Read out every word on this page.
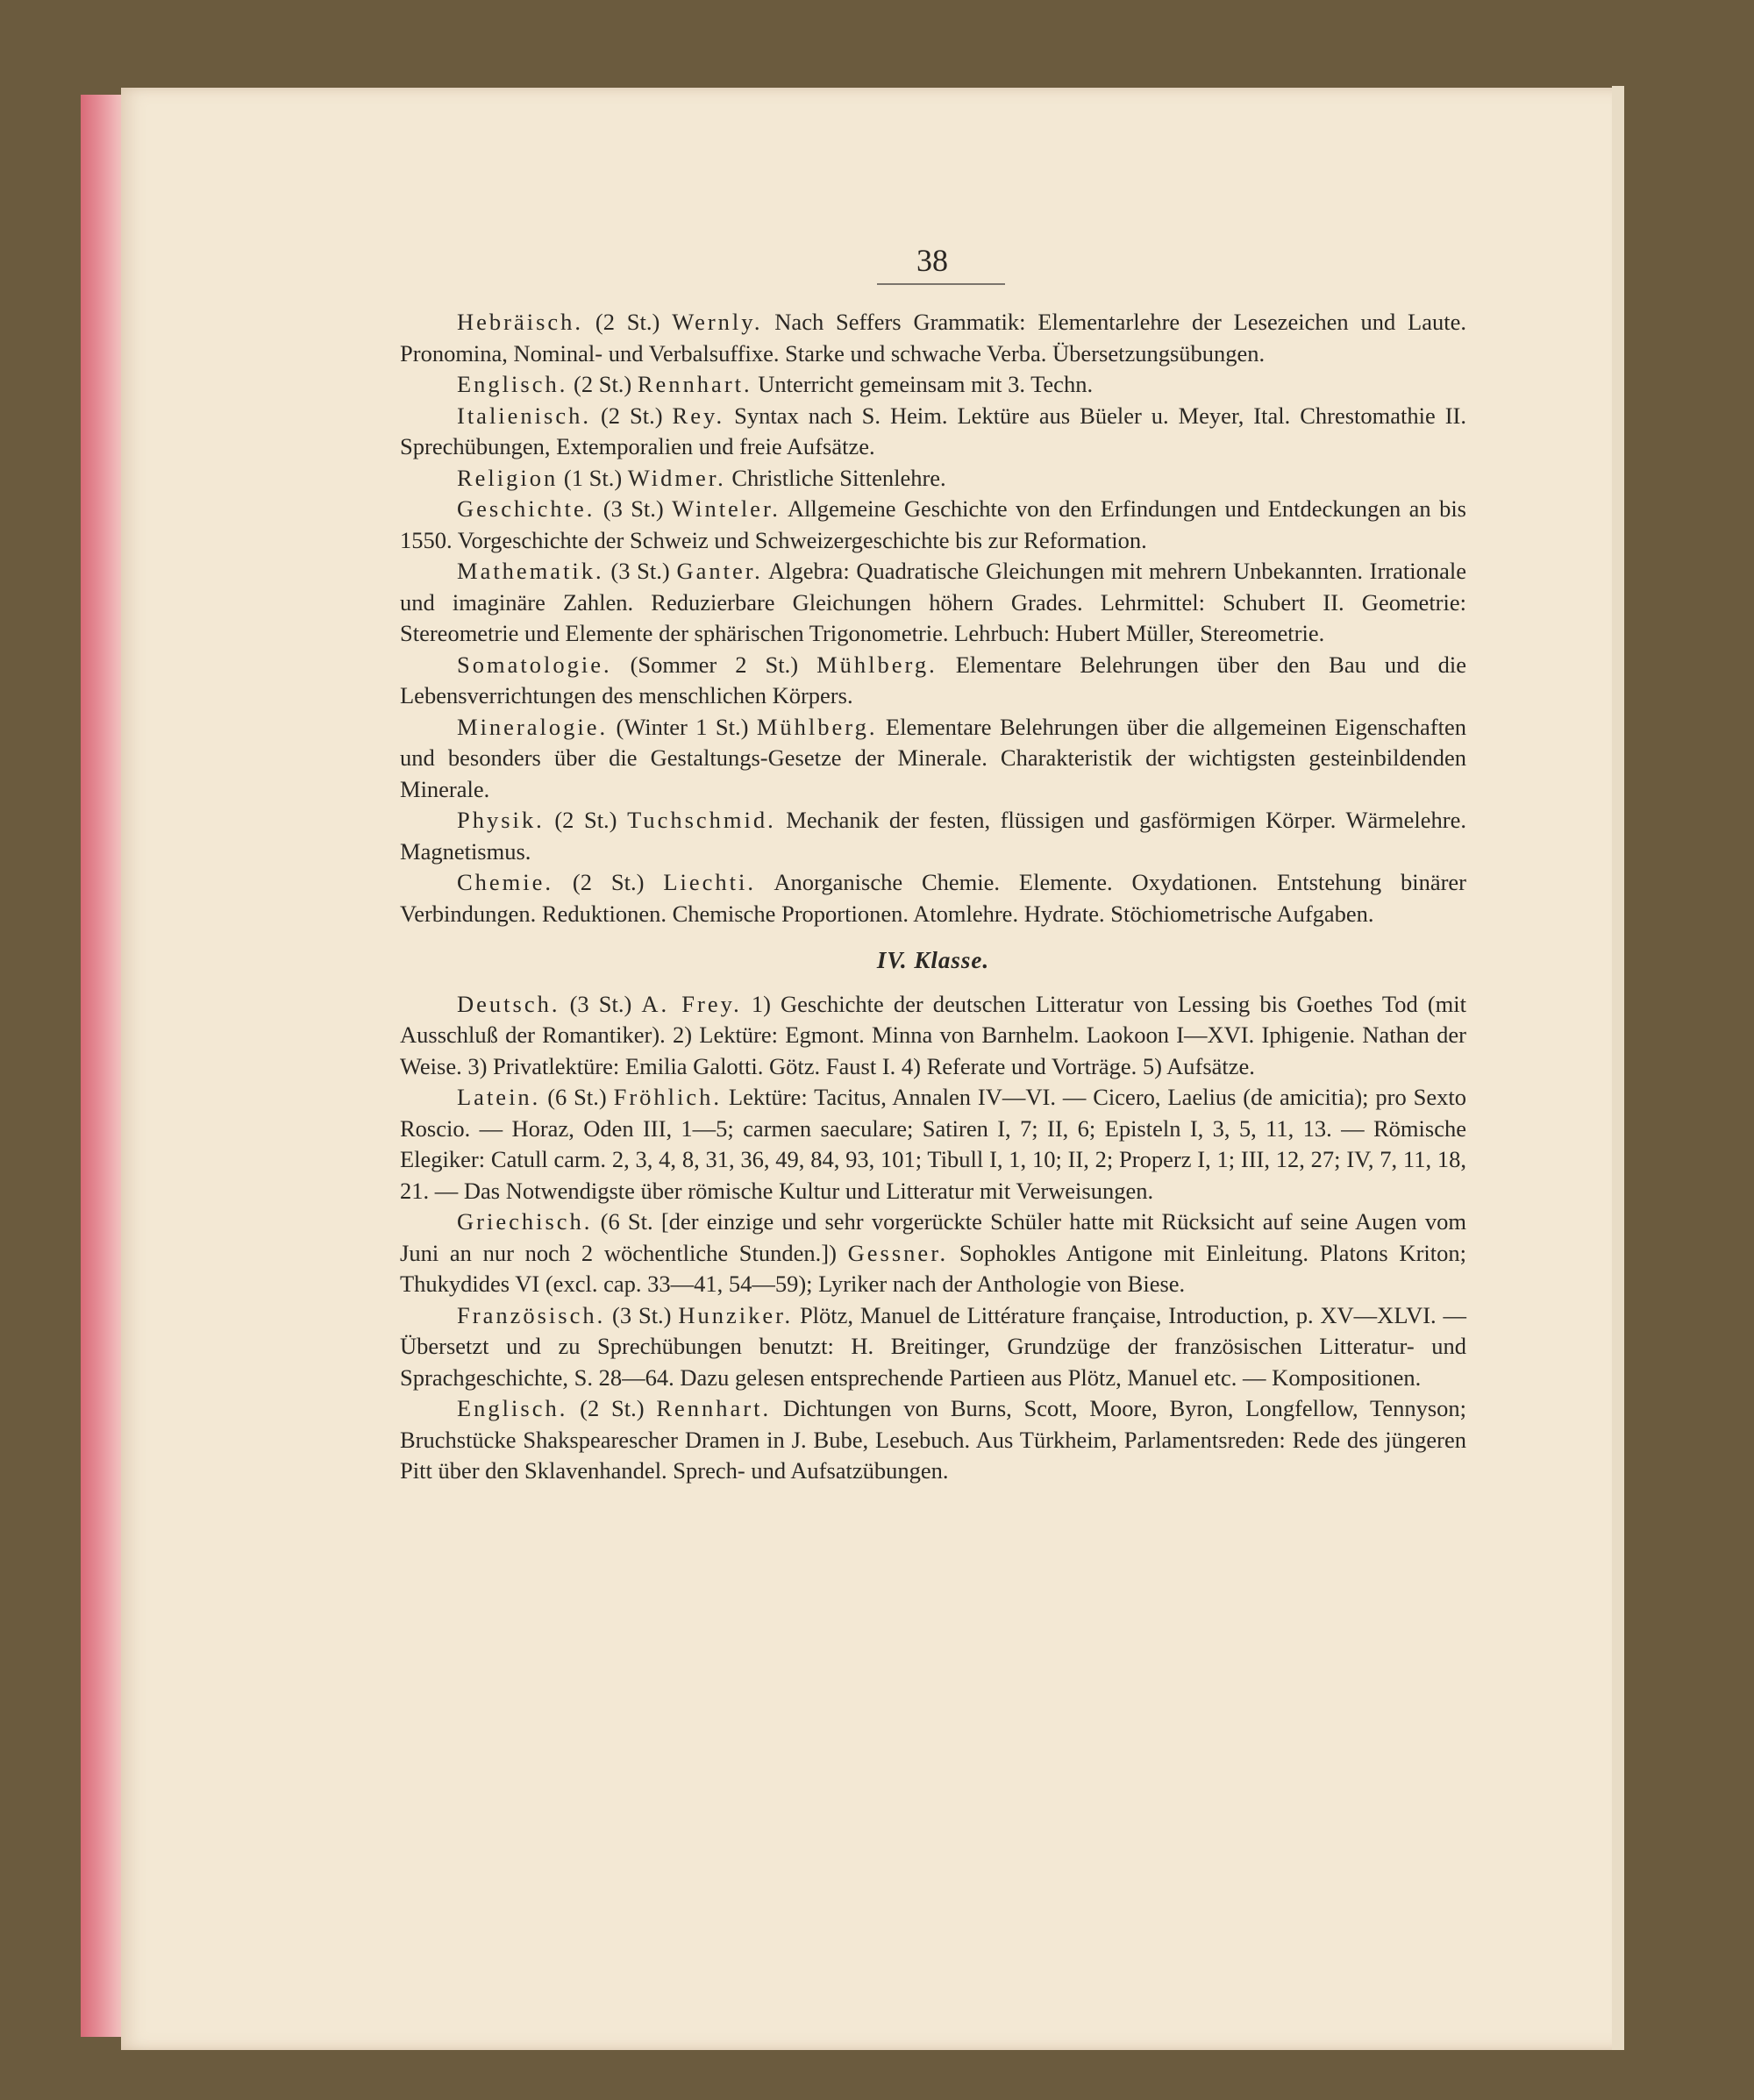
38

Hebräisch. (2 St.) Wernly. Nach Seffers Grammatik: Elementarlehre der Lesezeichen und Laute. Pronomina, Nominal- und Verbalsuffixe. Starke und schwache Verba. Übersetzungsübungen.

Englisch. (2 St.) Rennhart. Unterricht gemeinsam mit 3. Techn.

Italienisch. (2 St.) Rey. Syntax nach S. Heim. Lektüre aus Büeler u. Meyer, Ital. Chrestomathie II. Sprechübungen, Extemporalien und freie Aufsätze.

Religion (1 St.) Widmer. Christliche Sittenlehre.

Geschichte. (3 St.) Winteler. Allgemeine Geschichte von den Erfindungen und Entdeckungen an bis 1550. Vorgeschichte der Schweiz und Schweizergeschichte bis zur Reformation.

Mathematik. (3 St.) Ganter. Algebra: Quadratische Gleichungen mit mehrern Unbekannten. Irrationale und imaginäre Zahlen. Reduzierbare Gleichungen höhern Grades. Lehrmittel: Schubert II. Geometrie: Stereometrie und Elemente der sphärischen Trigonometrie. Lehrbuch: Hubert Müller, Stereometrie.

Somatologie. (Sommer 2 St.) Mühlberg. Elementare Belehrungen über den Bau und die Lebensverrichtungen des menschlichen Körpers.

Mineralogie. (Winter 1 St.) Mühlberg. Elementare Belehrungen über die allgemeinen Eigenschaften und besonders über die Gestaltungs-Gesetze der Minerale. Charakteristik der wichtigsten gesteinbildenden Minerale.

Physik. (2 St.) Tuchschmid. Mechanik der festen, flüssigen und gasförmigen Körper. Wärmelehre. Magnetismus.

Chemie. (2 St.) Liechti. Anorganische Chemie. Elemente. Oxydationen. Entstehung binärer Verbindungen. Reduktionen. Chemische Proportionen. Atomlehre. Hydrate. Stöchiometrische Aufgaben.

IV. Klasse.

Deutsch. (3 St.) A. Frey. 1) Geschichte der deutschen Litteratur von Lessing bis Goethes Tod (mit Ausschluß der Romantiker). 2) Lektüre: Egmont. Minna von Barnhelm. Laokoon I—XVI. Iphigenie. Nathan der Weise. 3) Privatlektüre: Emilia Galotti. Götz. Faust I. 4) Referate und Vorträge. 5) Aufsätze.

Latein. (6 St.) Fröhlich. Lektüre: Tacitus, Annalen IV—VI. — Cicero, Laelius (de amicitia); pro Sexto Roscio. — Horaz, Oden III, 1—5; carmen saeculare; Satiren I, 7; II, 6; Episteln I, 3, 5, 11, 13. — Römische Elegiker: Catull carm. 2, 3, 4, 8, 31, 36, 49, 84, 93, 101; Tibull I, 1, 10; II, 2; Properz I, 1; III, 12, 27; IV, 7, 11, 18, 21. — Das Notwendigste über römische Kultur und Litteratur mit Verweisungen.

Griechisch. (6 St. [der einzige und sehr vorgerückte Schüler hatte mit Rücksicht auf seine Augen vom Juni an nur noch 2 wöchentliche Stunden.]) Gessner. Sophokles Antigone mit Einleitung. Platons Kriton; Thukydides VI (excl. cap. 33—41, 54—59); Lyriker nach der Anthologie von Biese.

Französisch. (3 St.) Hunziker. Plötz, Manuel de Littérature française, Introduction, p. XV—XLVI. — Übersetzt und zu Sprechübungen benutzt: H. Breitinger, Grundzüge der französischen Litteratur- und Sprachgeschichte, S. 28—64. Dazu gelesen entsprechende Partieen aus Plötz, Manuel etc. — Kompositionen.

Englisch. (2 St.) Rennhart. Dichtungen von Burns, Scott, Moore, Byron, Longfellow, Tennyson; Bruchstücke Shakspearescher Dramen in J. Bube, Lesebuch. Aus Türkheim, Parlamentsreden: Rede des jüngeren Pitt über den Sklavenhandel. Sprech- und Aufsatzübungen.
